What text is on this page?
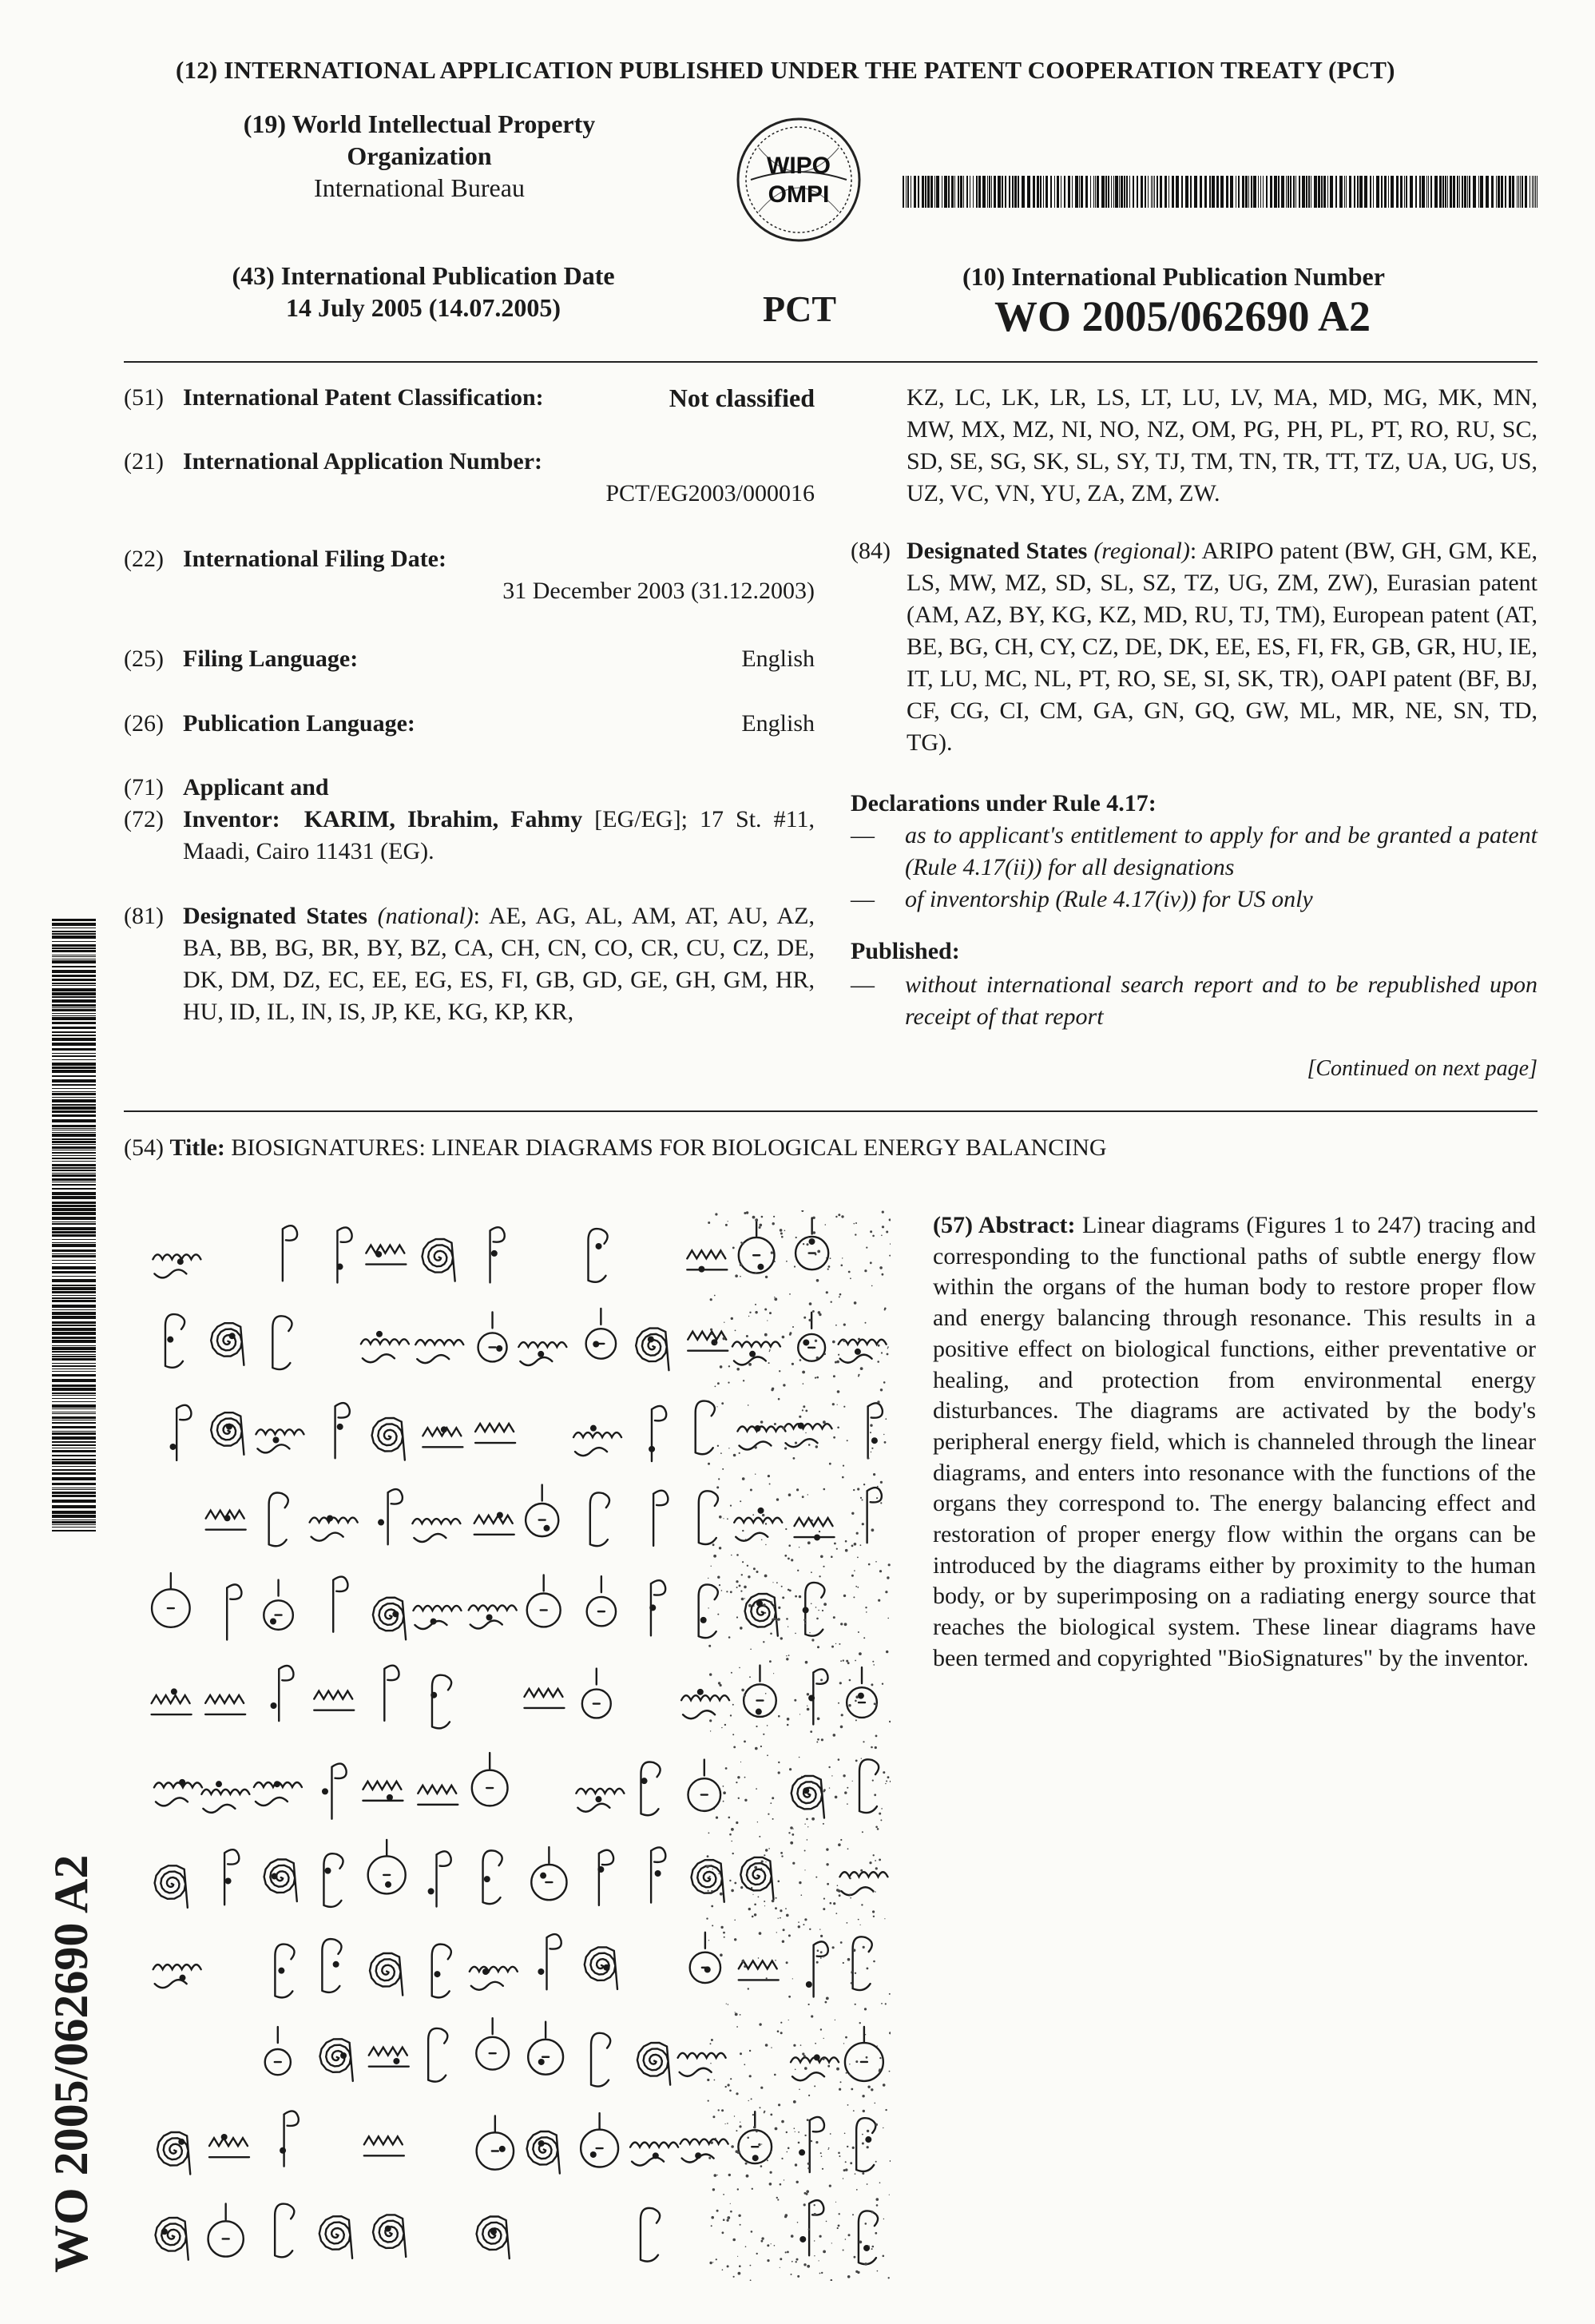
(12) INTERNATIONAL APPLICATION PUBLISHED UNDER THE PATENT COOPERATION TREATY (PCT)
(19) World Intellectual Property
Organization
International Bureau
WIPO
OMPI
(43) International Publication Date
14 July 2005 (14.07.2005)	PCT
(10) International Publication Number
WO 2005/062690 A2
(51) International Patent Classification:	Not classified
(21) International Application Number:
PCT/EG2003/000016
(22) International Filing Date:
31 December 2003 (31.12.2003)
(25) Filing Language:	English
(26) Publication Language:	English
(71) Applicant and
(72) Inventor: KARIM, Ibrahim, Fahmy [EG/EG]; 17 St. #11, Maadi, Cairo 11431 (EG).
(81) Designated States (national): AE, AG, AL, AM, AT, AU, AZ, BA, BB, BG, BR, BY, BZ, CA, CH, CN, CO, CR, CU, CZ, DE, DK, DM, DZ, EC, EE, EG, ES, FI, GB, GD, GE, GH, GM, HR, HU, ID, IL, IN, IS, JP, KE, KG, KP, KR,
KZ, LC, LK, LR, LS, LT, LU, LV, MA, MD, MG, MK, MN, MW, MX, MZ, NI, NO, NZ, OM, PG, PH, PL, PT, RO, RU, SC, SD, SE, SG, SK, SL, SY, TJ, TM, TN, TR, TT, TZ, UA, UG, US, UZ, VC, VN, YU, ZA, ZM, ZW.
(84) Designated States (regional): ARIPO patent (BW, GH, GM, KE, LS, MW, MZ, SD, SL, SZ, TZ, UG, ZM, ZW), Eurasian patent (AM, AZ, BY, KG, KZ, MD, RU, TJ, TM), European patent (AT, BE, BG, CH, CY, CZ, DE, DK, EE, ES, FI, FR, GB, GR, HU, IE, IT, LU, MC, NL, PT, RO, SE, SI, SK, TR), OAPI patent (BF, BJ, CF, CG, CI, CM, GA, GN, GQ, GW, ML, MR, NE, SN, TD, TG).
Declarations under Rule 4.17:
— as to applicant's entitlement to apply for and be granted a patent (Rule 4.17(ii)) for all designations
— of inventorship (Rule 4.17(iv)) for US only
Published:
— without international search report and to be republished upon receipt of that report
[Continued on next page]
(54) Title: BIOSIGNATURES: LINEAR DIAGRAMS FOR BIOLOGICAL ENERGY BALANCING
(57) Abstract: Linear diagrams (Figures 1 to 247) tracing and corresponding to the functional paths of subtle energy flow within the organs of the human body to restore proper flow and energy balancing through resonance. This results in a positive effect on biological functions, either preventative or healing, and protection from environmental energy disturbances. The diagrams are activated by the body's peripheral energy field, which is channeled through the linear diagrams, and enters into resonance with the functions of the organs they correspond to. The energy balancing effect and restoration of proper energy flow within the organs can be introduced by the diagrams either by proximity to the human body, or by superimposing on a radiating energy source that reaches the biological system. These linear diagrams have been termed and copyrighted "BioSignatures" by the inventor.
WO 2005/062690 A2
